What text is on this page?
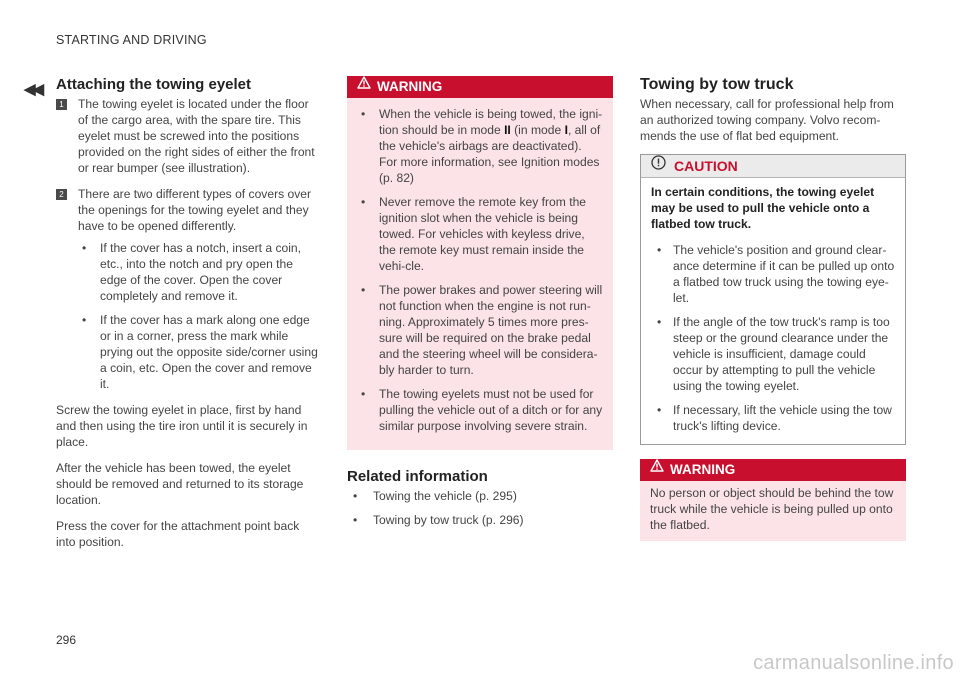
STARTING AND DRIVING
◀◀ Attaching the towing eyelet
1 The towing eyelet is located under the floor of the cargo area, with the spare tire. This eyelet must be screwed into the positions provided on the right sides of either the front or rear bumper (see illustration).
2 There are two different types of covers over the openings for the towing eyelet and they have to be opened differently.
• If the cover has a notch, insert a coin, etc., into the notch and pry open the edge of the cover. Open the cover completely and remove it.
• If the cover has a mark along one edge or in a corner, press the mark while prying out the opposite side/corner using a coin, etc. Open the cover and remove it.

Screw the towing eyelet in place, first by hand and then using the tire iron until it is securely in place.

After the vehicle has been towed, the eyelet should be removed and returned to its storage location.

Press the cover for the attachment point back into position.

WARNING
• When the vehicle is being towed, the igni-tion should be in mode II (in mode I, all of the vehicle's airbags are deactivated). For more information, see Ignition modes (p. 82)
• Never remove the remote key from the ignition slot when the vehicle is being towed. For vehicles with keyless drive, the remote key must remain inside the vehi-cle.
• The power brakes and power steering will not function when the engine is not run-ning. Approximately 5 times more pres-sure will be required on the brake pedal and the steering wheel will be considera-bly harder to turn.
• The towing eyelets must not be used for pulling the vehicle out of a ditch or for any similar purpose involving severe strain.
Related information
• Towing the vehicle (p. 295)
• Towing by tow truck (p. 296)
Towing by tow truck

When necessary, call for professional help from an authorized towing company. Volvo recom-mends the use of flat bed equipment.

CAUTION
In certain conditions, the towing eyelet may be used to pull the vehicle onto a flatbed tow truck.
• The vehicle's position and ground clear-ance determine if it can be pulled up onto a flatbed tow truck using the towing eye-let.
• If the angle of the tow truck's ramp is too steep or the ground clearance under the vehicle is insufficient, damage could occur by attempting to pull the vehicle using the towing eyelet.
• If necessary, lift the vehicle using the tow truck's lifting device.
WARNING
No person or object should be behind the tow truck while the vehicle is being pulled up onto the flatbed.
296
carmanualsonline.info
